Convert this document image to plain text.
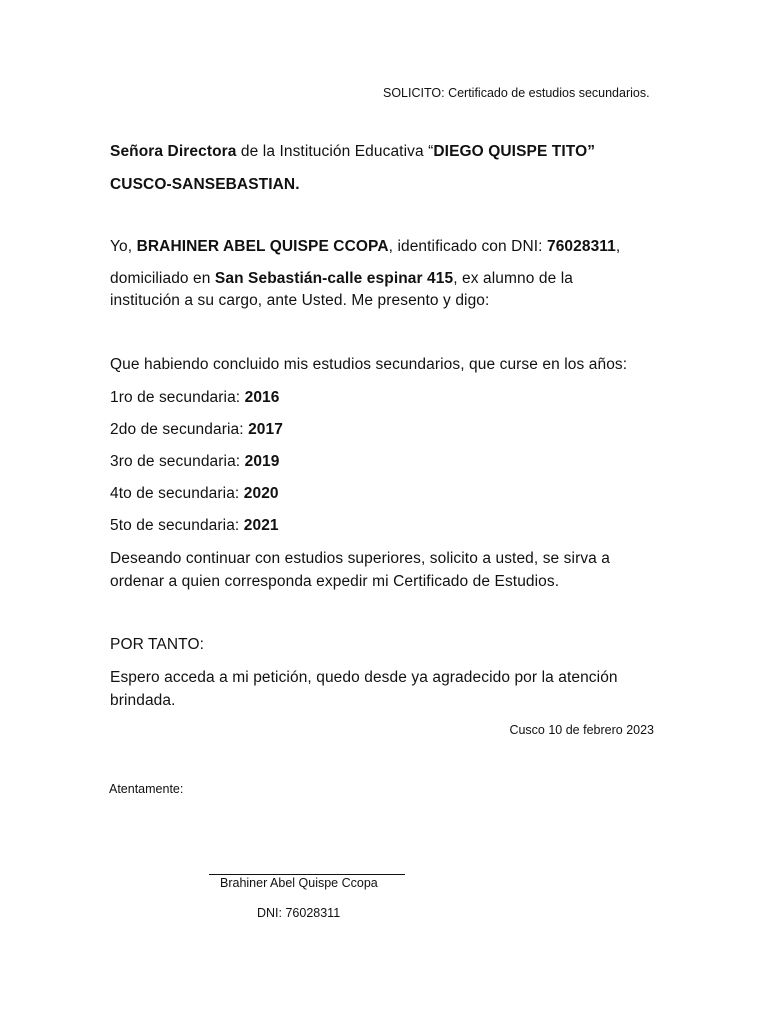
SOLICITO: Certificado de estudios secundarios.
Señora Directora de la Institución Educativa “DIEGO QUISPE TITO”
CUSCO-SANSEBASTIAN.
Yo, BRAHINER ABEL QUISPE CCOPA, identificado con DNI: 76028311,
domiciliado en San Sebastián-calle espinar 415, ex alumno de la
institución a su cargo, ante Usted. Me presento y digo:
Que habiendo concluido mis estudios secundarios, que curse en los años:
1ro de secundaria: 2016
2do de secundaria: 2017
3ro de secundaria: 2019
4to de secundaria: 2020
5to de secundaria: 2021
Deseando continuar con estudios superiores, solicito a usted, se sirva a
ordenar a quien corresponda expedir mi Certificado de Estudios.
POR TANTO:
Espero acceda a mi petición, quedo desde ya agradecido por la atención
brindada.
Cusco 10 de febrero 2023
Atentamente:
Brahiner Abel Quispe Ccopa
DNI: 76028311
